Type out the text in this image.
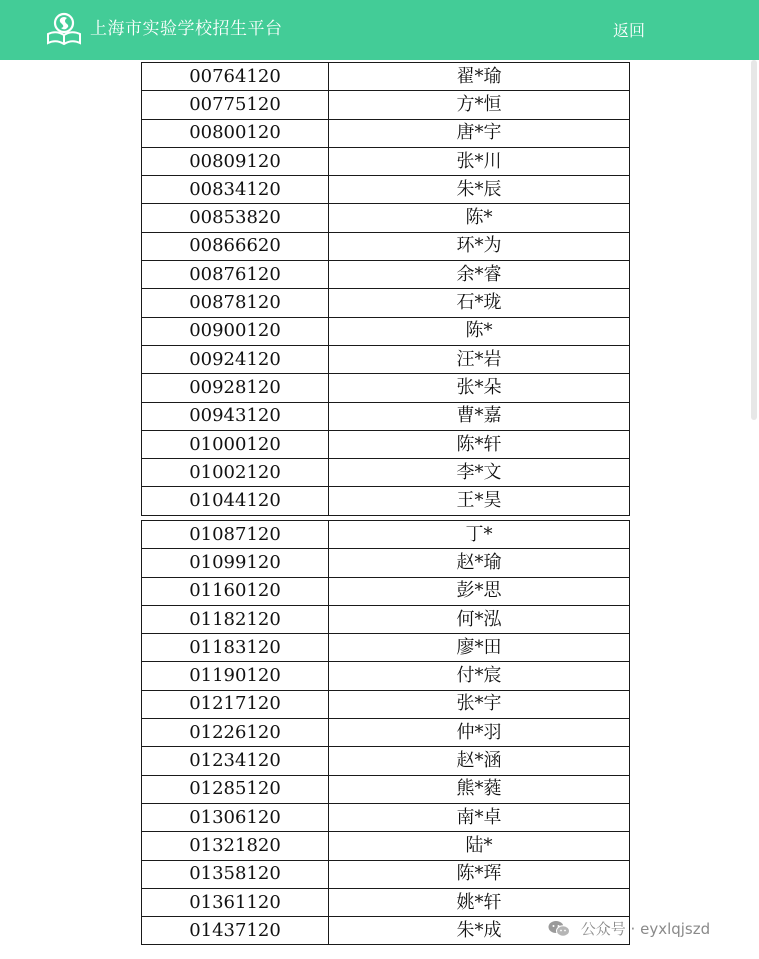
上海市实验学校招生平台	返回
00764120	翟*瑜
00775120	方*恒
00800120	唐*宇
00809120	张*川
00834120	朱*辰
00853820	陈*
00866620	环*为
00876120	余*睿
00878120	石*珑
00900120	陈*
00924120	汪*岩
00928120	张*朵
00943120	曹*嘉
01000120	陈*轩
01002120	李*文
01044120	王*昊
01087120	丁*
01099120	赵*瑜
01160120	彭*思
01182120	何*泓
01183120	廖*田
01190120	付*宸
01217120	张*宇
01226120	仲*羽
01234120	赵*涵
01285120	熊*蕤
01306120	南*卓
01321820	陆*
01358120	陈*珲
01361120	姚*轩
01437120	朱*成	公众号 · eyxlqjszd
